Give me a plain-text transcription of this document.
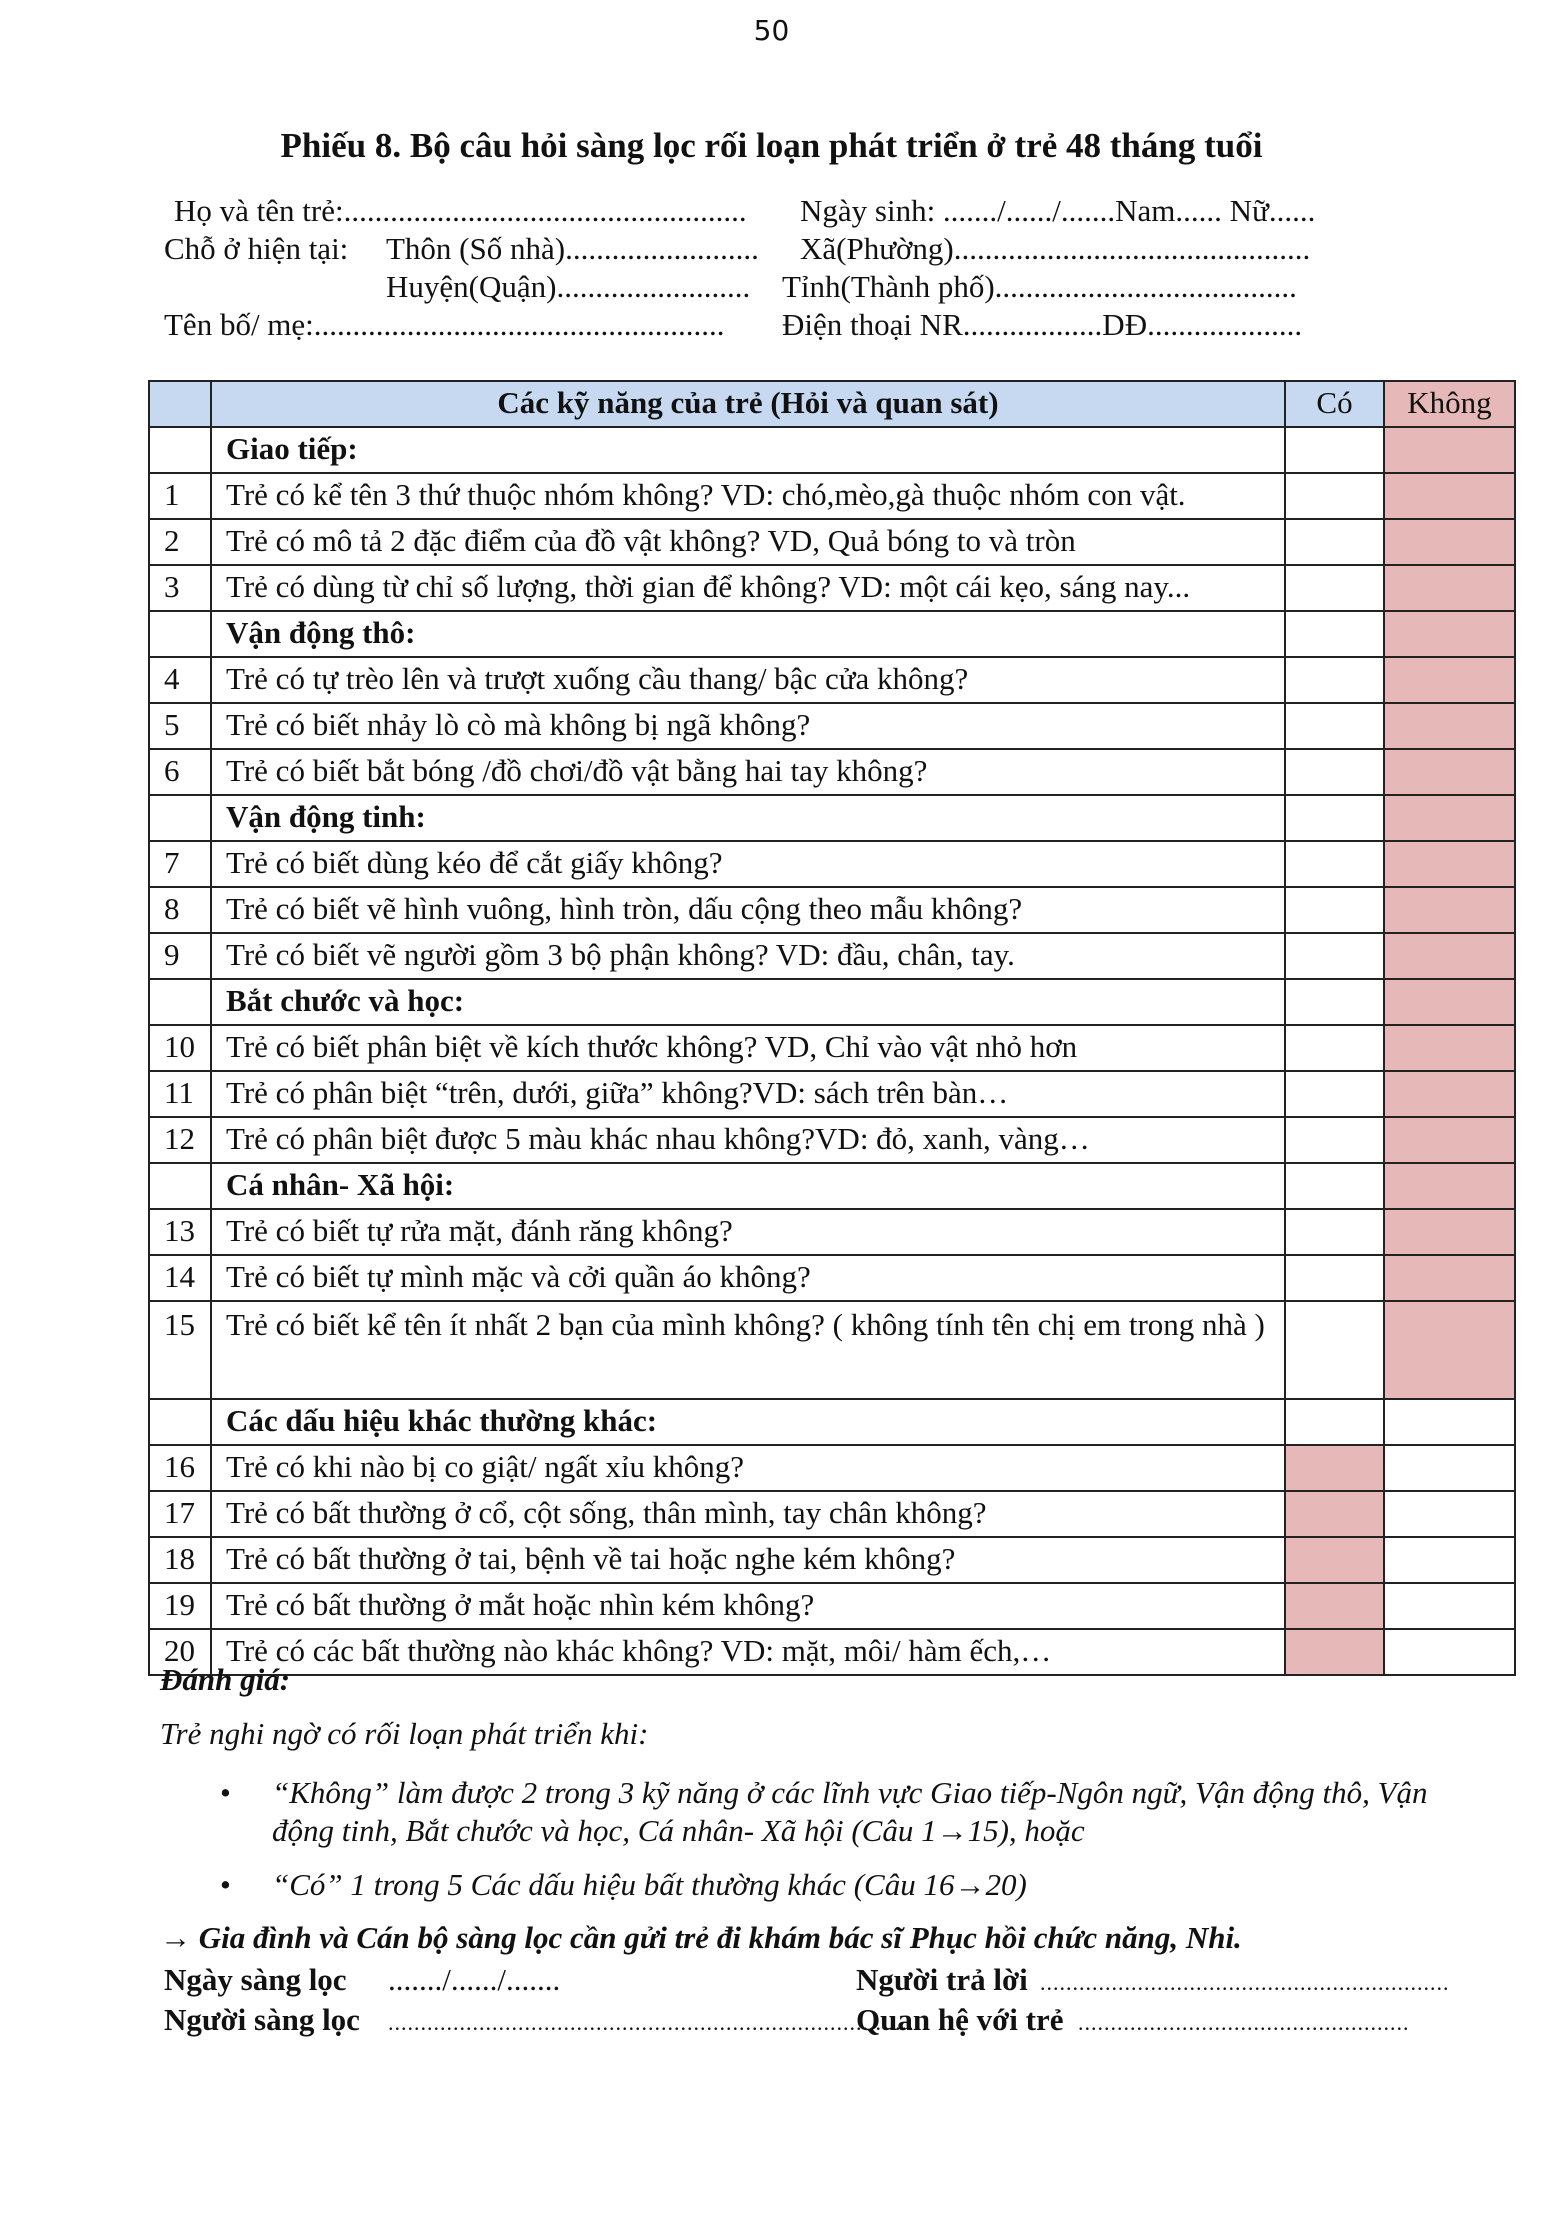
50
Phiếu 8. Bộ câu hỏi sàng lọc rối loạn phát triển ở trẻ 48 tháng tuổi
Họ và tên trẻ:.................................................... Ngày sinh: ......./....../.......Nam...... Nữ......
Chỗ ở hiện tại: Thôn (Số nhà)......................... Xã(Phường)..............................................
Huyện(Quận)......................... Tỉnh(Thành phố).......................................
Tên bố/ mẹ:..................................................... Điện thoại NR..................DĐ....................
	Các kỹ năng của trẻ (Hỏi và quan sát)	Có	Không
	Giao tiếp:		
1	Trẻ có kể tên 3 thứ thuộc nhóm không? VD: chó,mèo,gà thuộc nhóm con vật.		
2	Trẻ có mô tả 2 đặc điểm của đồ vật không? VD, Quả bóng to và tròn		
3	Trẻ có dùng từ chỉ số lượng, thời gian để không? VD: một cái kẹo, sáng nay...		
	Vận động thô:		
4	Trẻ có tự trèo lên và trượt xuống cầu thang/ bậc cửa không?		
5	Trẻ có biết nhảy lò cò mà không bị ngã không?		
6	Trẻ có biết bắt bóng /đồ chơi/đồ vật bằng hai tay không?		
	Vận động tinh:		
7	Trẻ có biết dùng kéo để cắt giấy không?		
8	Trẻ có biết vẽ hình vuông, hình tròn, dấu cộng theo mẫu không?		
9	Trẻ có biết vẽ người gồm 3 bộ phận không? VD: đầu, chân, tay.		
	Bắt chước và học:		
10	Trẻ có biết phân biệt về kích thước không? VD, Chỉ vào vật nhỏ hơn		
11	Trẻ có phân biệt “trên, dưới, giữa” không?VD: sách trên bàn…		
12	Trẻ có phân biệt được 5 màu khác nhau không?VD: đỏ, xanh, vàng…		
	Cá nhân- Xã hội:		
13	Trẻ có biết tự rửa mặt, đánh răng không?		
14	Trẻ có biết tự mình mặc và cởi quần áo không?		
15	Trẻ có biết kể tên ít nhất 2 bạn của mình không? ( không tính tên chị em trong nhà )		
	Các dấu hiệu khác thường khác:		
16	Trẻ có khi nào bị co giật/ ngất xỉu không?		
17	Trẻ có bất thường ở cổ, cột sống, thân mình, tay chân không?		
18	Trẻ có bất thường ở tai, bệnh về tai hoặc nghe kém không?		
19	Trẻ có bất thường ở mắt hoặc nhìn kém không?		
20	Trẻ có các bất thường nào khác không? VD: mặt, môi/ hàm ếch,…		
Đánh giá:
Trẻ nghi ngờ có rối loạn phát triển khi:
• “Không” làm được 2 trong 3 kỹ năng ở các lĩnh vực Giao tiếp-Ngôn ngữ, Vận động thô, Vận động tinh, Bắt chước và học, Cá nhân- Xã hội (Câu 1→15), hoặc
• “Có” 1 trong 5 Các dấu hiệu bất thường khác (Câu 16→20)
→ Gia đình và Cán bộ sàng lọc cần gửi trẻ đi khám bác sĩ Phục hồi chức năng, Nhi.
Ngày sàng lọc ......./....../.......	Người trả lời ...............................................................
Người sàng lọc ..................................................................................
Quan hệ với trẻ ...................................................
